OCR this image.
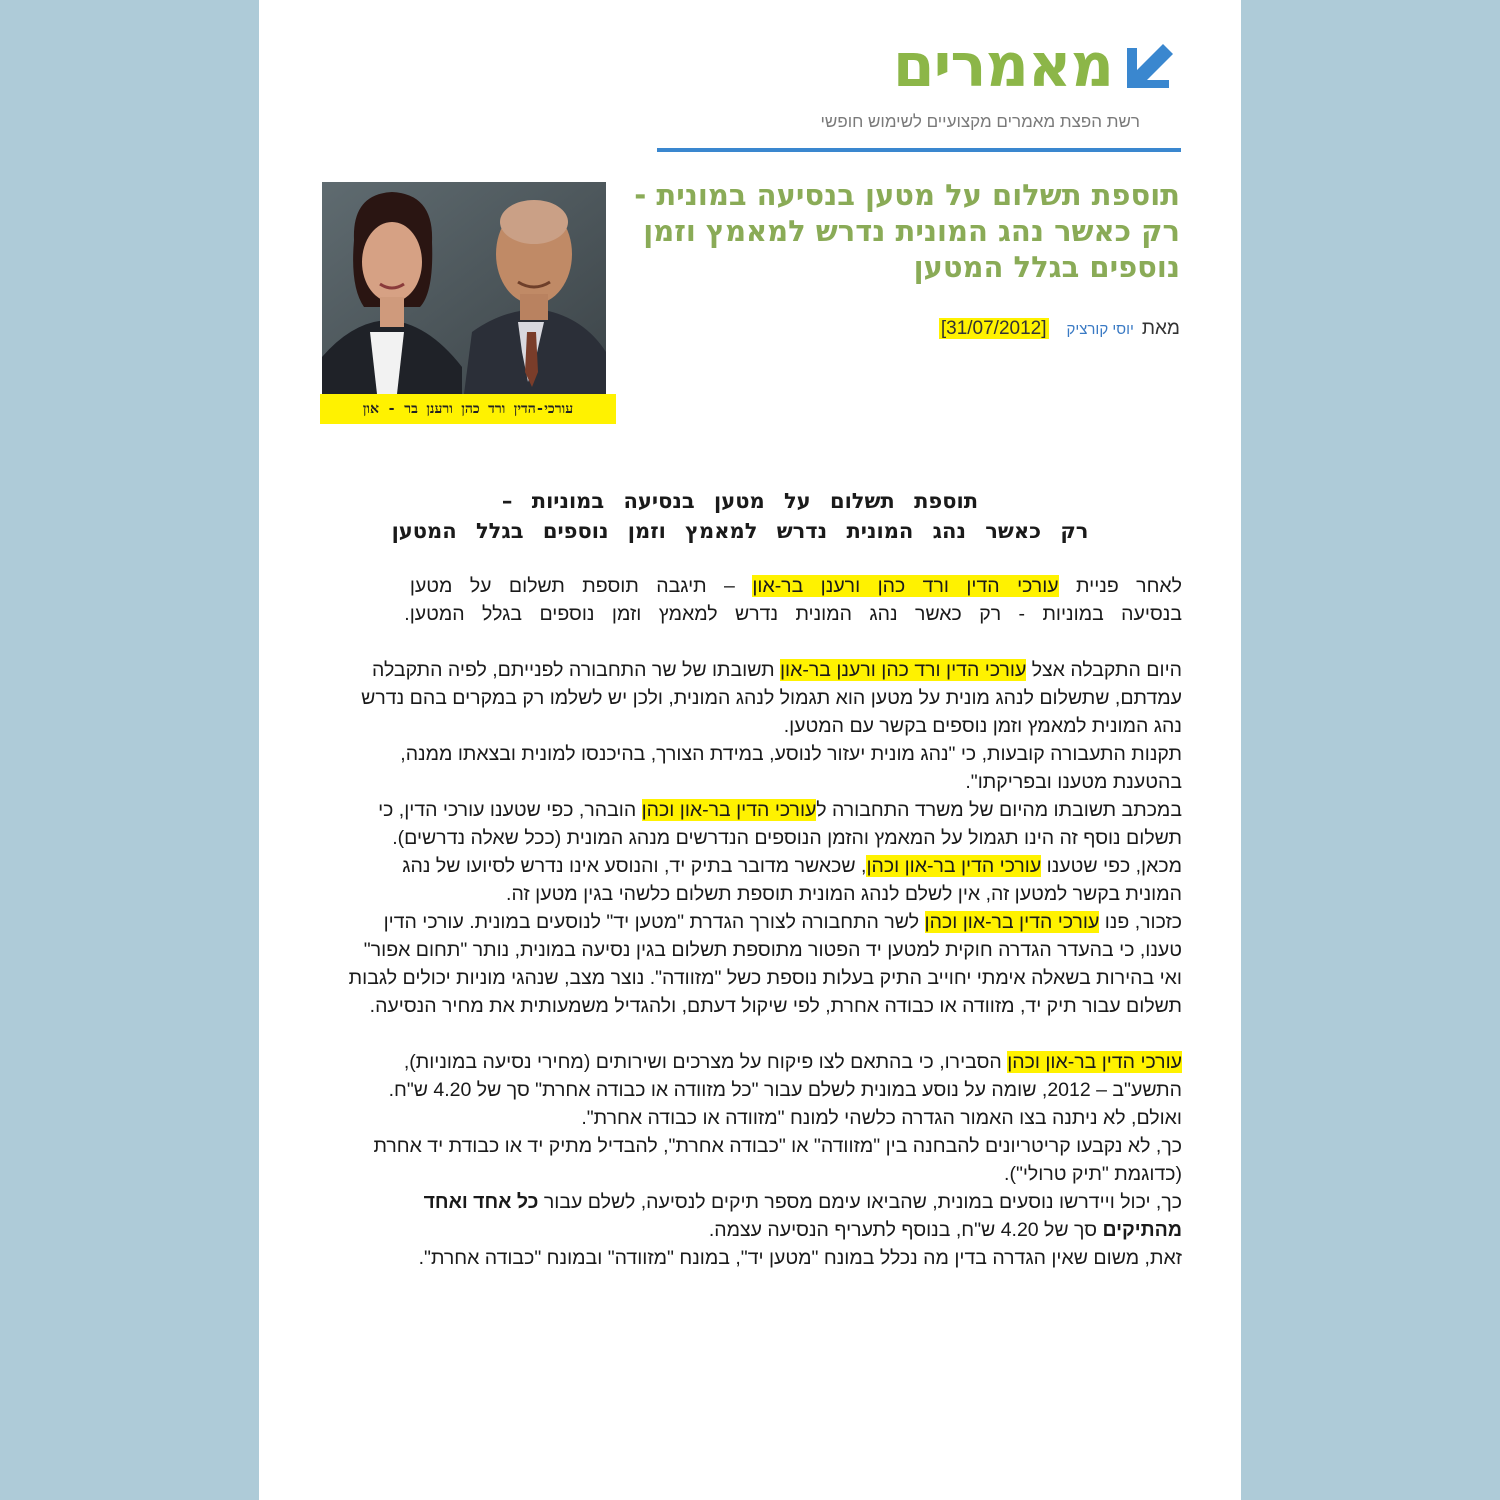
מאמרים
רשת הפצת מאמרים מקצועיים לשימוש חופשי
תוספת תשלום על מטען בנסיעה במונית - רק כאשר נהג המונית נדרש למאמץ וזמן נוספים בגלל המטען
מאתיוסי קורציק[31/07/2012]
עורכי-הדין ורד כהן ורענן בר - און
תוספת תשלום על מטען בנסיעה במוניות –
רק כאשר נהג המונית נדרש למאמץ וזמן נוספים בגלל המטען

לאחר פניית עורכי הדין ורד כהן ורענן בר-און – תיגבה תוספת תשלום על מטען בנסיעה במוניות - רק כאשר נהג המונית נדרש למאמץ וזמן נוספים בגלל המטען.

היום התקבלה אצל עורכי הדין ורד כהן ורענן בר-און תשובתו של שר התחבורה לפנייתם, לפיה התקבלה עמדתם, שתשלום לנהג מונית על מטען הוא תגמול לנהג המונית, ולכן יש לשלמו רק במקרים בהם נדרש נהג המונית למאמץ וזמן נוספים בקשר עם המטען.

תקנות התעבורה קובעות, כי "נהג מונית יעזור לנוסע, במידת הצורך, בהיכנסו למונית ובצאתו ממנה, בהטענת מטענו ובפריקתו".

במכתב תשובתו מהיום של משרד התחבורה לעורכי הדין בר-און וכהן הובהר, כפי שטענו עורכי הדין, כי תשלום נוסף זה הינו תגמול על המאמץ והזמן הנוספים הנדרשים מנהג המונית (ככל שאלה נדרשים).

מכאן, כפי שטענו עורכי הדין בר-און וכהן, שכאשר מדובר בתיק יד, והנוסע אינו נדרש לסיועו של נהג המונית בקשר למטען זה, אין לשלם לנהג המונית תוספת תשלום כלשהי בגין מטען זה.

כזכור, פנו עורכי הדין בר-און וכהן לשר התחבורה לצורך הגדרת "מטען יד" לנוסעים במונית. עורכי הדין טענו, כי בהעדר הגדרה חוקית למטען יד הפטור מתוספת תשלום בגין נסיעה במונית, נותר "תחום אפור" ואי בהירות בשאלה אימתי יחוייב התיק בעלות נוספת כשל "מזוודה". נוצר מצב, שנהגי מוניות יכולים לגבות תשלום עבור תיק יד, מזוודה או כבודה אחרת, לפי שיקול דעתם, ולהגדיל משמעותית את מחיר הנסיעה.

עורכי הדין בר-און וכהן הסבירו, כי בהתאם לצו פיקוח על מצרכים ושירותים (מחירי נסיעה במוניות), התשע"ב – 2012, שומה על נוסע במונית לשלם עבור "כל מזוודה או כבודה אחרת" סך של 4.20 ש"ח. ואולם, לא ניתנה בצו האמור הגדרה כלשהי למונח "מזוודה או כבודה אחרת".

כך, לא נקבעו קריטריונים להבחנה בין "מזוודה" או "כבודה אחרת", להבדיל מתיק יד או כבודת יד אחרת (כדוגמת "תיק טרולי").

כך, יכול ויידרשו נוסעים במונית, שהביאו עימם מספר תיקים לנסיעה, לשלם עבור כל אחד ואחד מהתיקים סך של 4.20 ש"ח, בנוסף לתעריף הנסיעה עצמה.

זאת, משום שאין הגדרה בדין מה נכלל במונח "מטען יד", במונח "מזוודה" ובמונח "כבודה אחרת".
